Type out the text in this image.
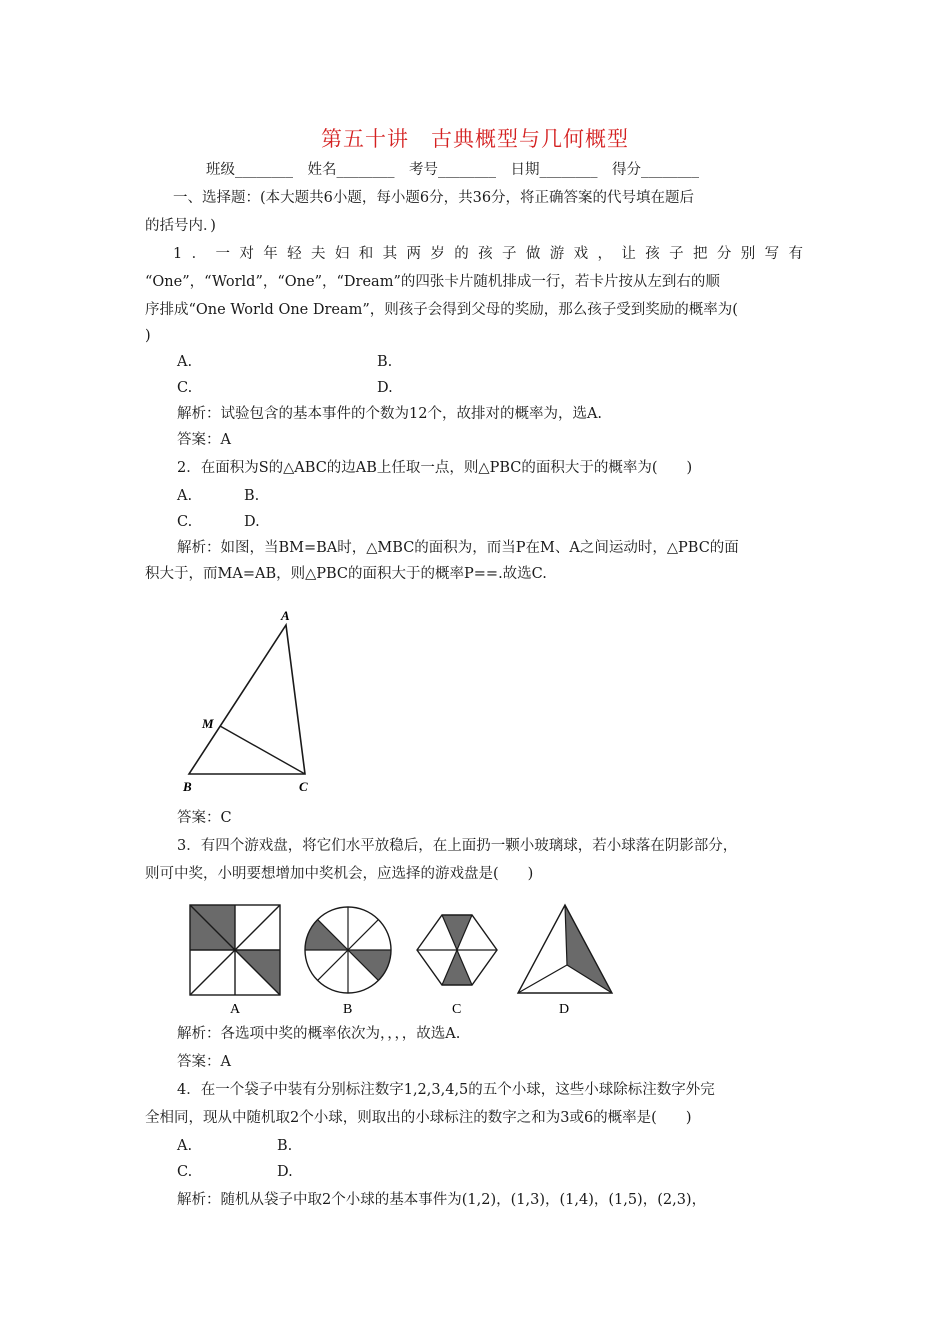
第五十讲　古典概型与几何概型
班级________　姓名________　考号________　日期________　得分________
一、选择题：(本大题共6小题，每小题6分，共36分，将正确答案的代号填在题后
的括号内．)
1．一对年轻夫妇和其两岁的孩子做游戏，让孩子把分别写有
“One”，“World”，“One”，“Dream”的四张卡片随机排成一行，若卡片按从左到右的顺
序排成“One World One Dream”，则孩子会得到父母的奖励，那么孩子受到奖励的概率为(
)
A.	B.
C.	D.
解析：试验包含的基本事件的个数为12个，故排对的概率为，选A.
答案：A
2．在面积为S的△ABC的边AB上任取一点，则△PBC的面积大于的概率为(　　)
A.	B.
C.	D.
解析：如图，当BM=BA时，△MBC的面积为，而当P在M、A之间运动时，△PBC的面
积大于，而MA=AB，则△PBC的面积大于的概率P==.故选C.
A
M
B	C
答案：C
3．有四个游戏盘，将它们水平放稳后，在上面扔一颗小玻璃球，若小球落在阴影部分，
则可中奖，小明要想增加中奖机会，应选择的游戏盘是(　　)
A	B	C	D
解析：各选项中奖的概率依次为，，，，故选A.
答案：A
4．在一个袋子中装有分别标注数字1,2,3,4,5的五个小球，这些小球除标注数字外完
全相同，现从中随机取2个小球，则取出的小球标注的数字之和为3或6的概率是(　　)
A.	B.
C.	D.
解析：随机从袋子中取2个小球的基本事件为(1,2)，(1,3)，(1,4)，(1,5)，(2,3)，
